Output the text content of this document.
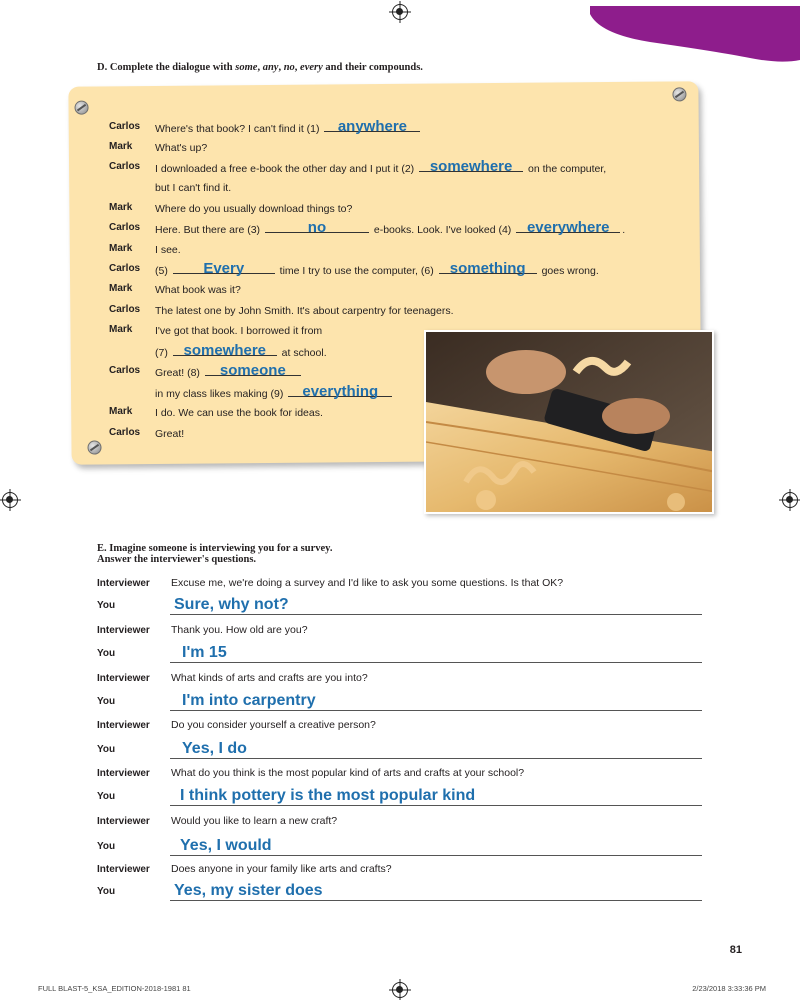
D. Complete the dialogue with some, any, no, every and their compounds.
Carlos Where's that book? I can't find it (1) anywhere
Mark What's up?
Carlos I downloaded a free e-book the other day and I put it (2) somewhere on the computer,
but I can't find it.
Mark Where do you usually download things to?
Carlos Here. But there are (3)	no	e-books. Look. I've looked (4) everywhere .
Mark I see.
Carlos (5) Every	time I try to use the computer, (6) something goes wrong.
Mark What book was it?
Carlos The latest one by John Smith. It's about carpentry for teenagers.
Mark I've got that book. I borrowed it from
(7) somewhere at school.
Carlos Great! (8) someone
in my class likes making (9) everything
Mark I do. We can use the book for ideas.
Carlos Great!
E. Imagine someone is interviewing you for a survey.
Answer the interviewer's questions.
Interviewer Excuse me, we're doing a survey and I'd like to ask you some questions. Is that OK?
You	Sure, why not?
Interviewer Thank you. How old are you?
You	I'm 15
Interviewer What kinds of arts and crafts are you into?
You	I'm into carpentry
Interviewer Do you consider yourself a creative person?
You	Yes, I do
Interviewer What do you think is the most popular kind of arts and crafts at your school?
You	I think pottery is the most popular kind
Interviewer Would you like to learn a new craft?
You	Yes, I would
Interviewer Does anyone in your family like arts and crafts?
You	Yes, my sister does
81
FULL BLAST-5_KSA_EDITION-2018-1981 81	2/23/2018 3:33:36 PM
